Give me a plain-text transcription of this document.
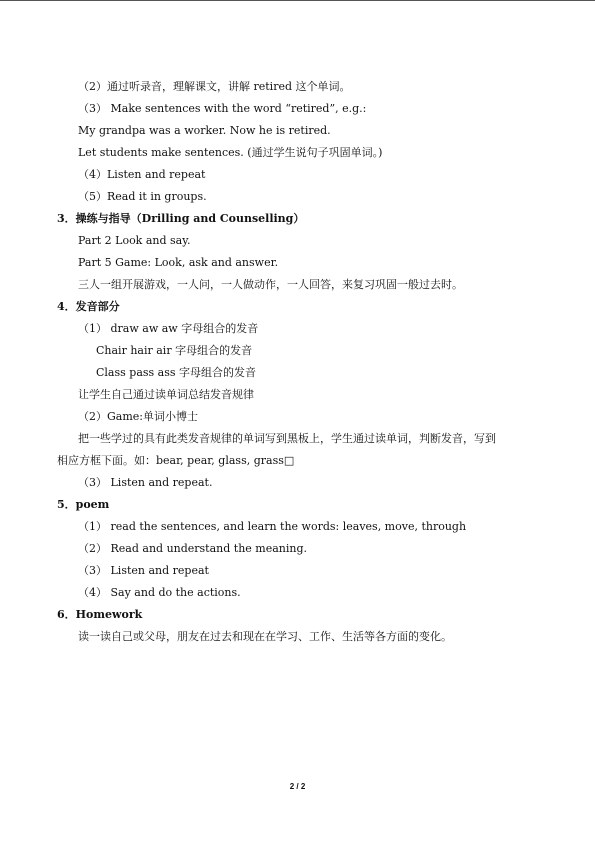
（2）通过听录音，理解课文，讲解 retired 这个单词。
（3） Make sentences with the word “retired”, e.g.:
My grandpa was a worker. Now he is retired.
Let students make sentences. (通过学生说句子巩固单词。)
（4）Listen and repeat
（5）Read it in groups.
3．操练与指导（Drilling and Counselling）
Part 2 Look and say.
Part 5 Game: Look, ask and answer.
三人一组开展游戏，一人问，一人做动作，一人回答，来复习巩固一般过去时。
4．发音部分
（1） draw aw aw 字母组合的发音
Chair hair air 字母组合的发音
Class pass ass 字母组合的发音
让学生自己通过读单词总结发音规律
（2）Game:单词小博士
把一些学过的具有此类发音规律的单词写到黑板上，学生通过读单词，判断发音，写到
相应方框下面。如：bear, pear, glass, grass□
（3） Listen and repeat.
5．poem
（1） read the sentences, and learn the words: leaves, move, through
（2） Read and understand the meaning.
（3） Listen and repeat
（4） Say and do the actions.
6．Homework
读一读自己或父母，朋友在过去和现在在学习、工作、生活等各方面的变化。
2 / 2
